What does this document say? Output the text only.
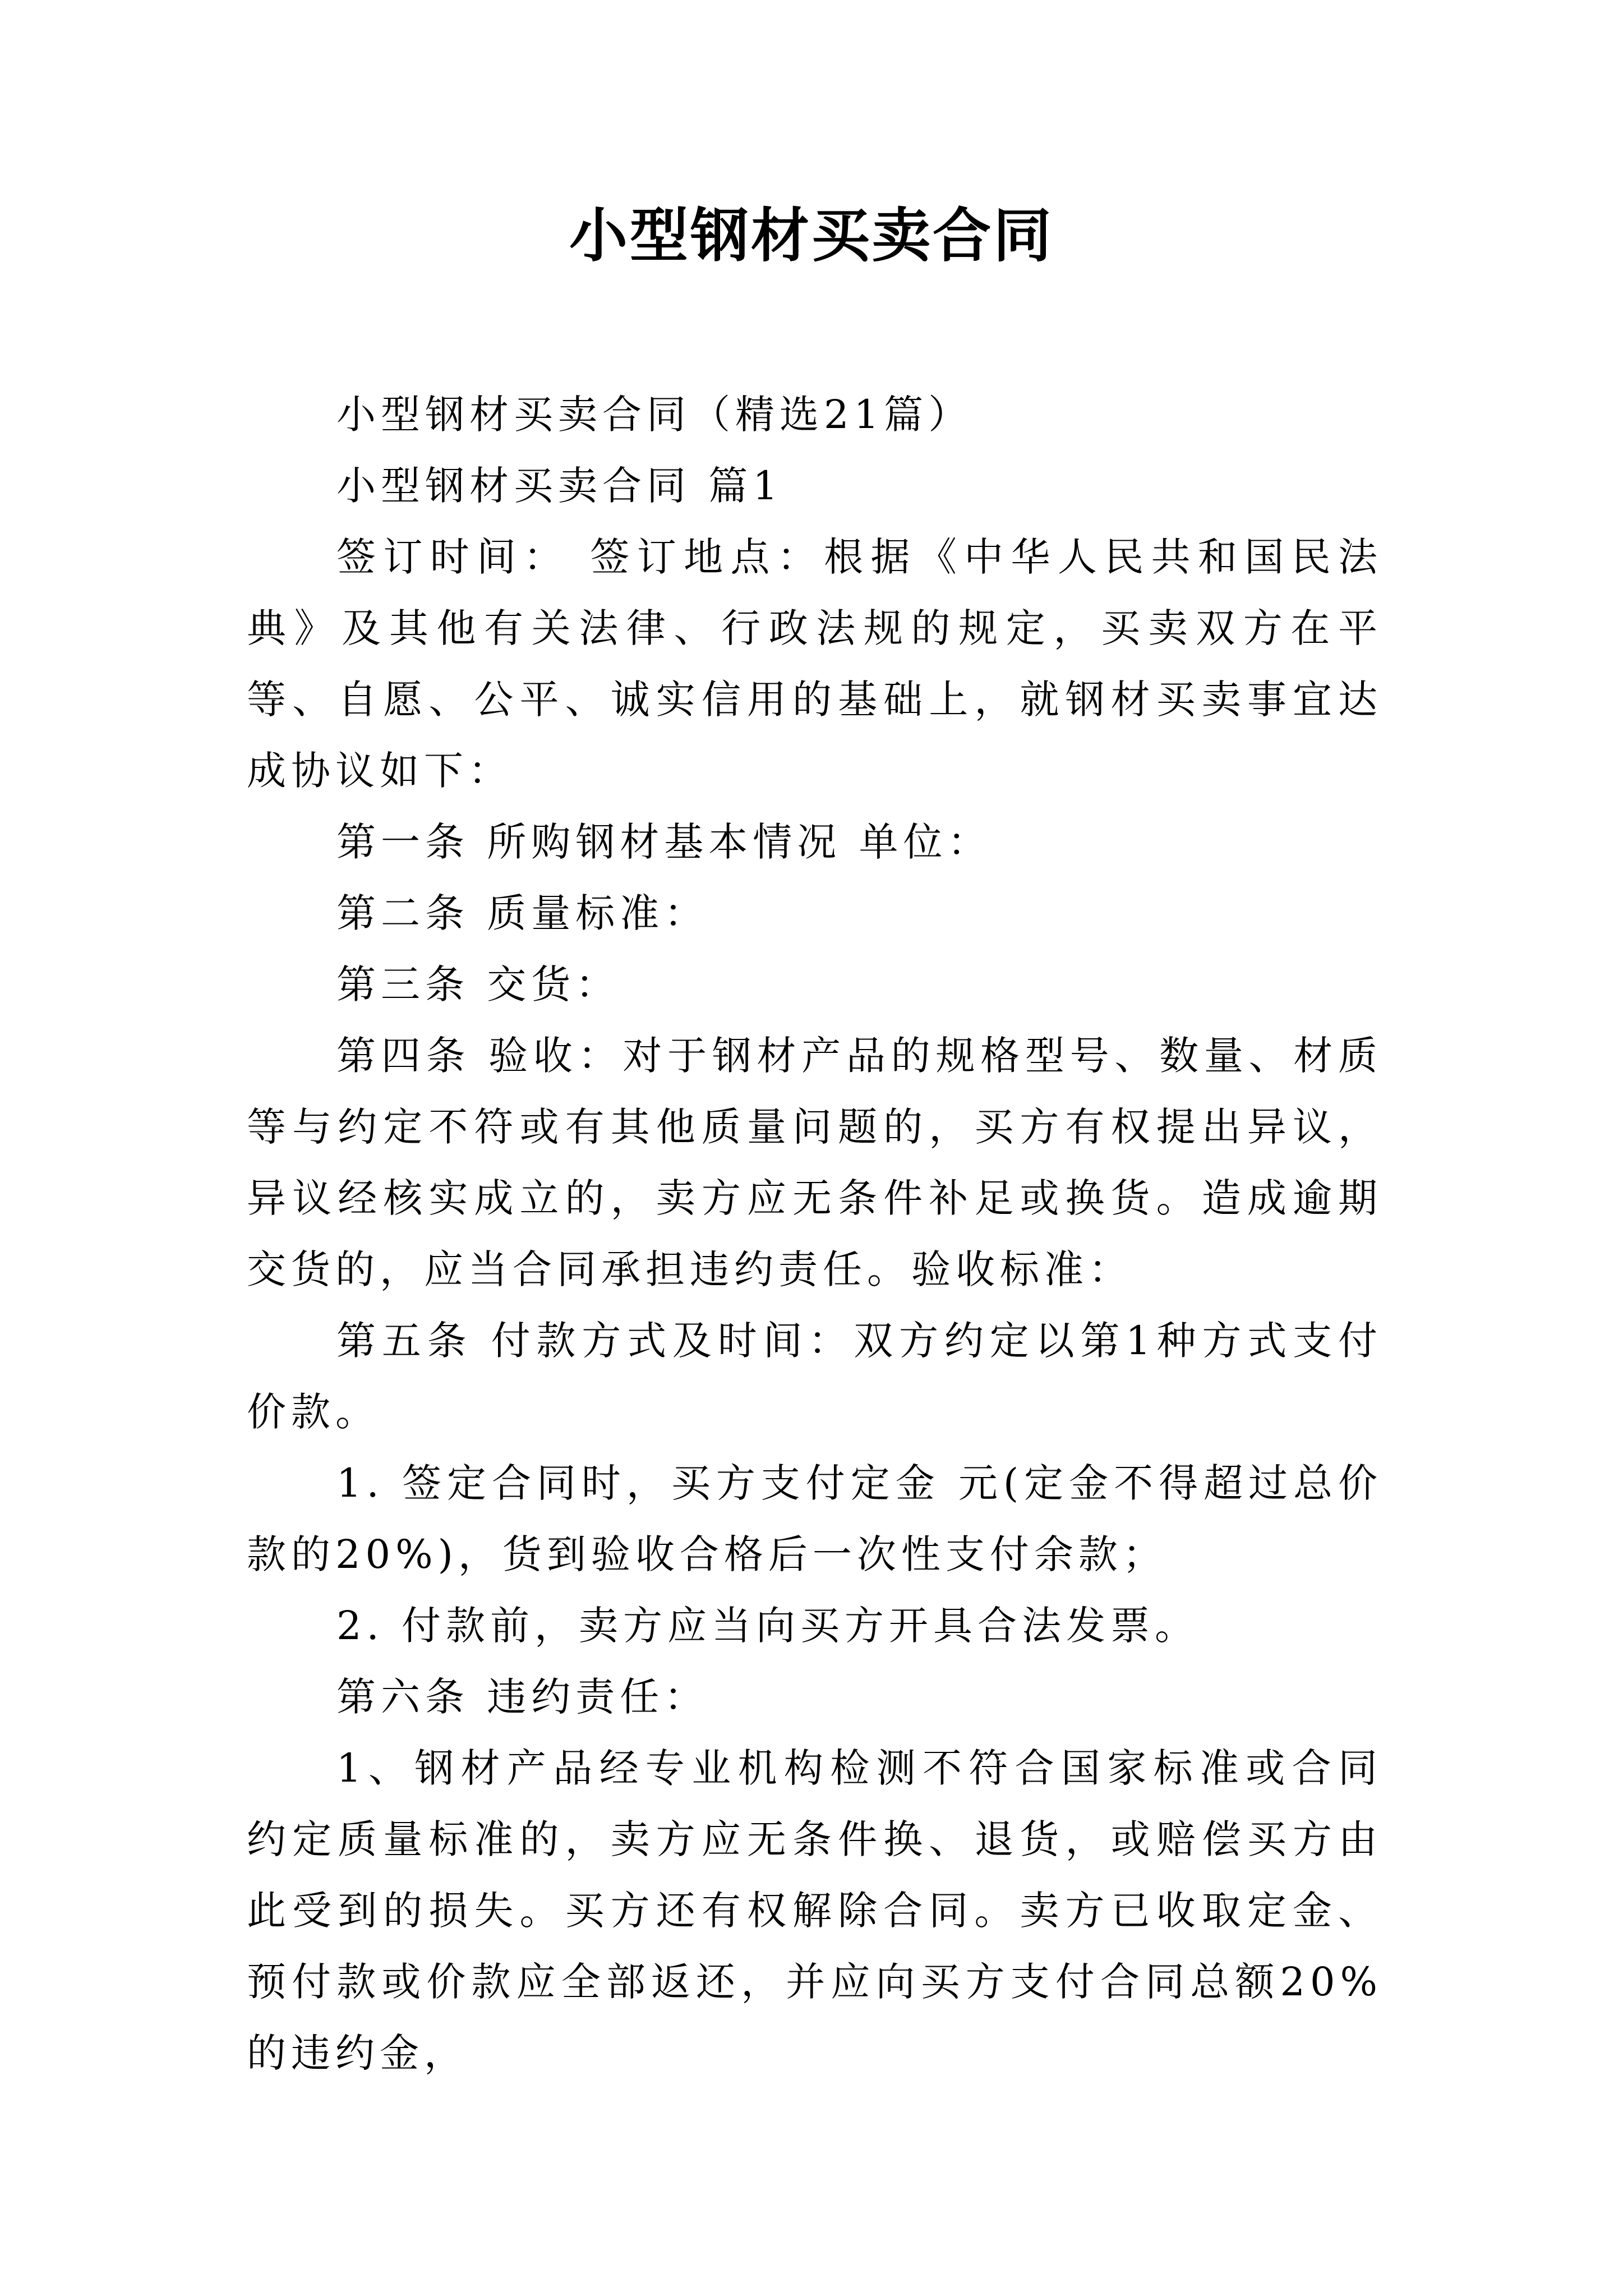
小型钢材买卖合同

小型钢材买卖合同（精选21篇）

小型钢材买卖合同 篇1

签订时间： 签订地点：根据《中华人民共和国民法典》及其他有关法律、行政法规的规定，买卖双方在平等、自愿、公平、诚实信用的基础上，就钢材买卖事宜达成协议如下：

第一条 所购钢材基本情况 单位：

第二条 质量标准：

第三条 交货：

第四条 验收：对于钢材产品的规格型号、数量、材质等与约定不符或有其他质量问题的，买方有权提出异议，异议经核实成立的，卖方应无条件补足或换货。造成逾期交货的，应当合同承担违约责任。验收标准：

第五条 付款方式及时间：双方约定以第1种方式支付价款。

1. 签定合同时，买方支付定金 元(定金不得超过总价款的20%)，货到验收合格后一次性支付余款；

2. 付款前，卖方应当向买方开具合法发票。

第六条 违约责任：

1、钢材产品经专业机构检测不符合国家标准或合同约定质量标准的，卖方应无条件换、退货，或赔偿买方由此受到的损失。买方还有权解除合同。卖方已收取定金、预付款或价款应全部返还，并应向买方支付合同总额20%的违约金，
